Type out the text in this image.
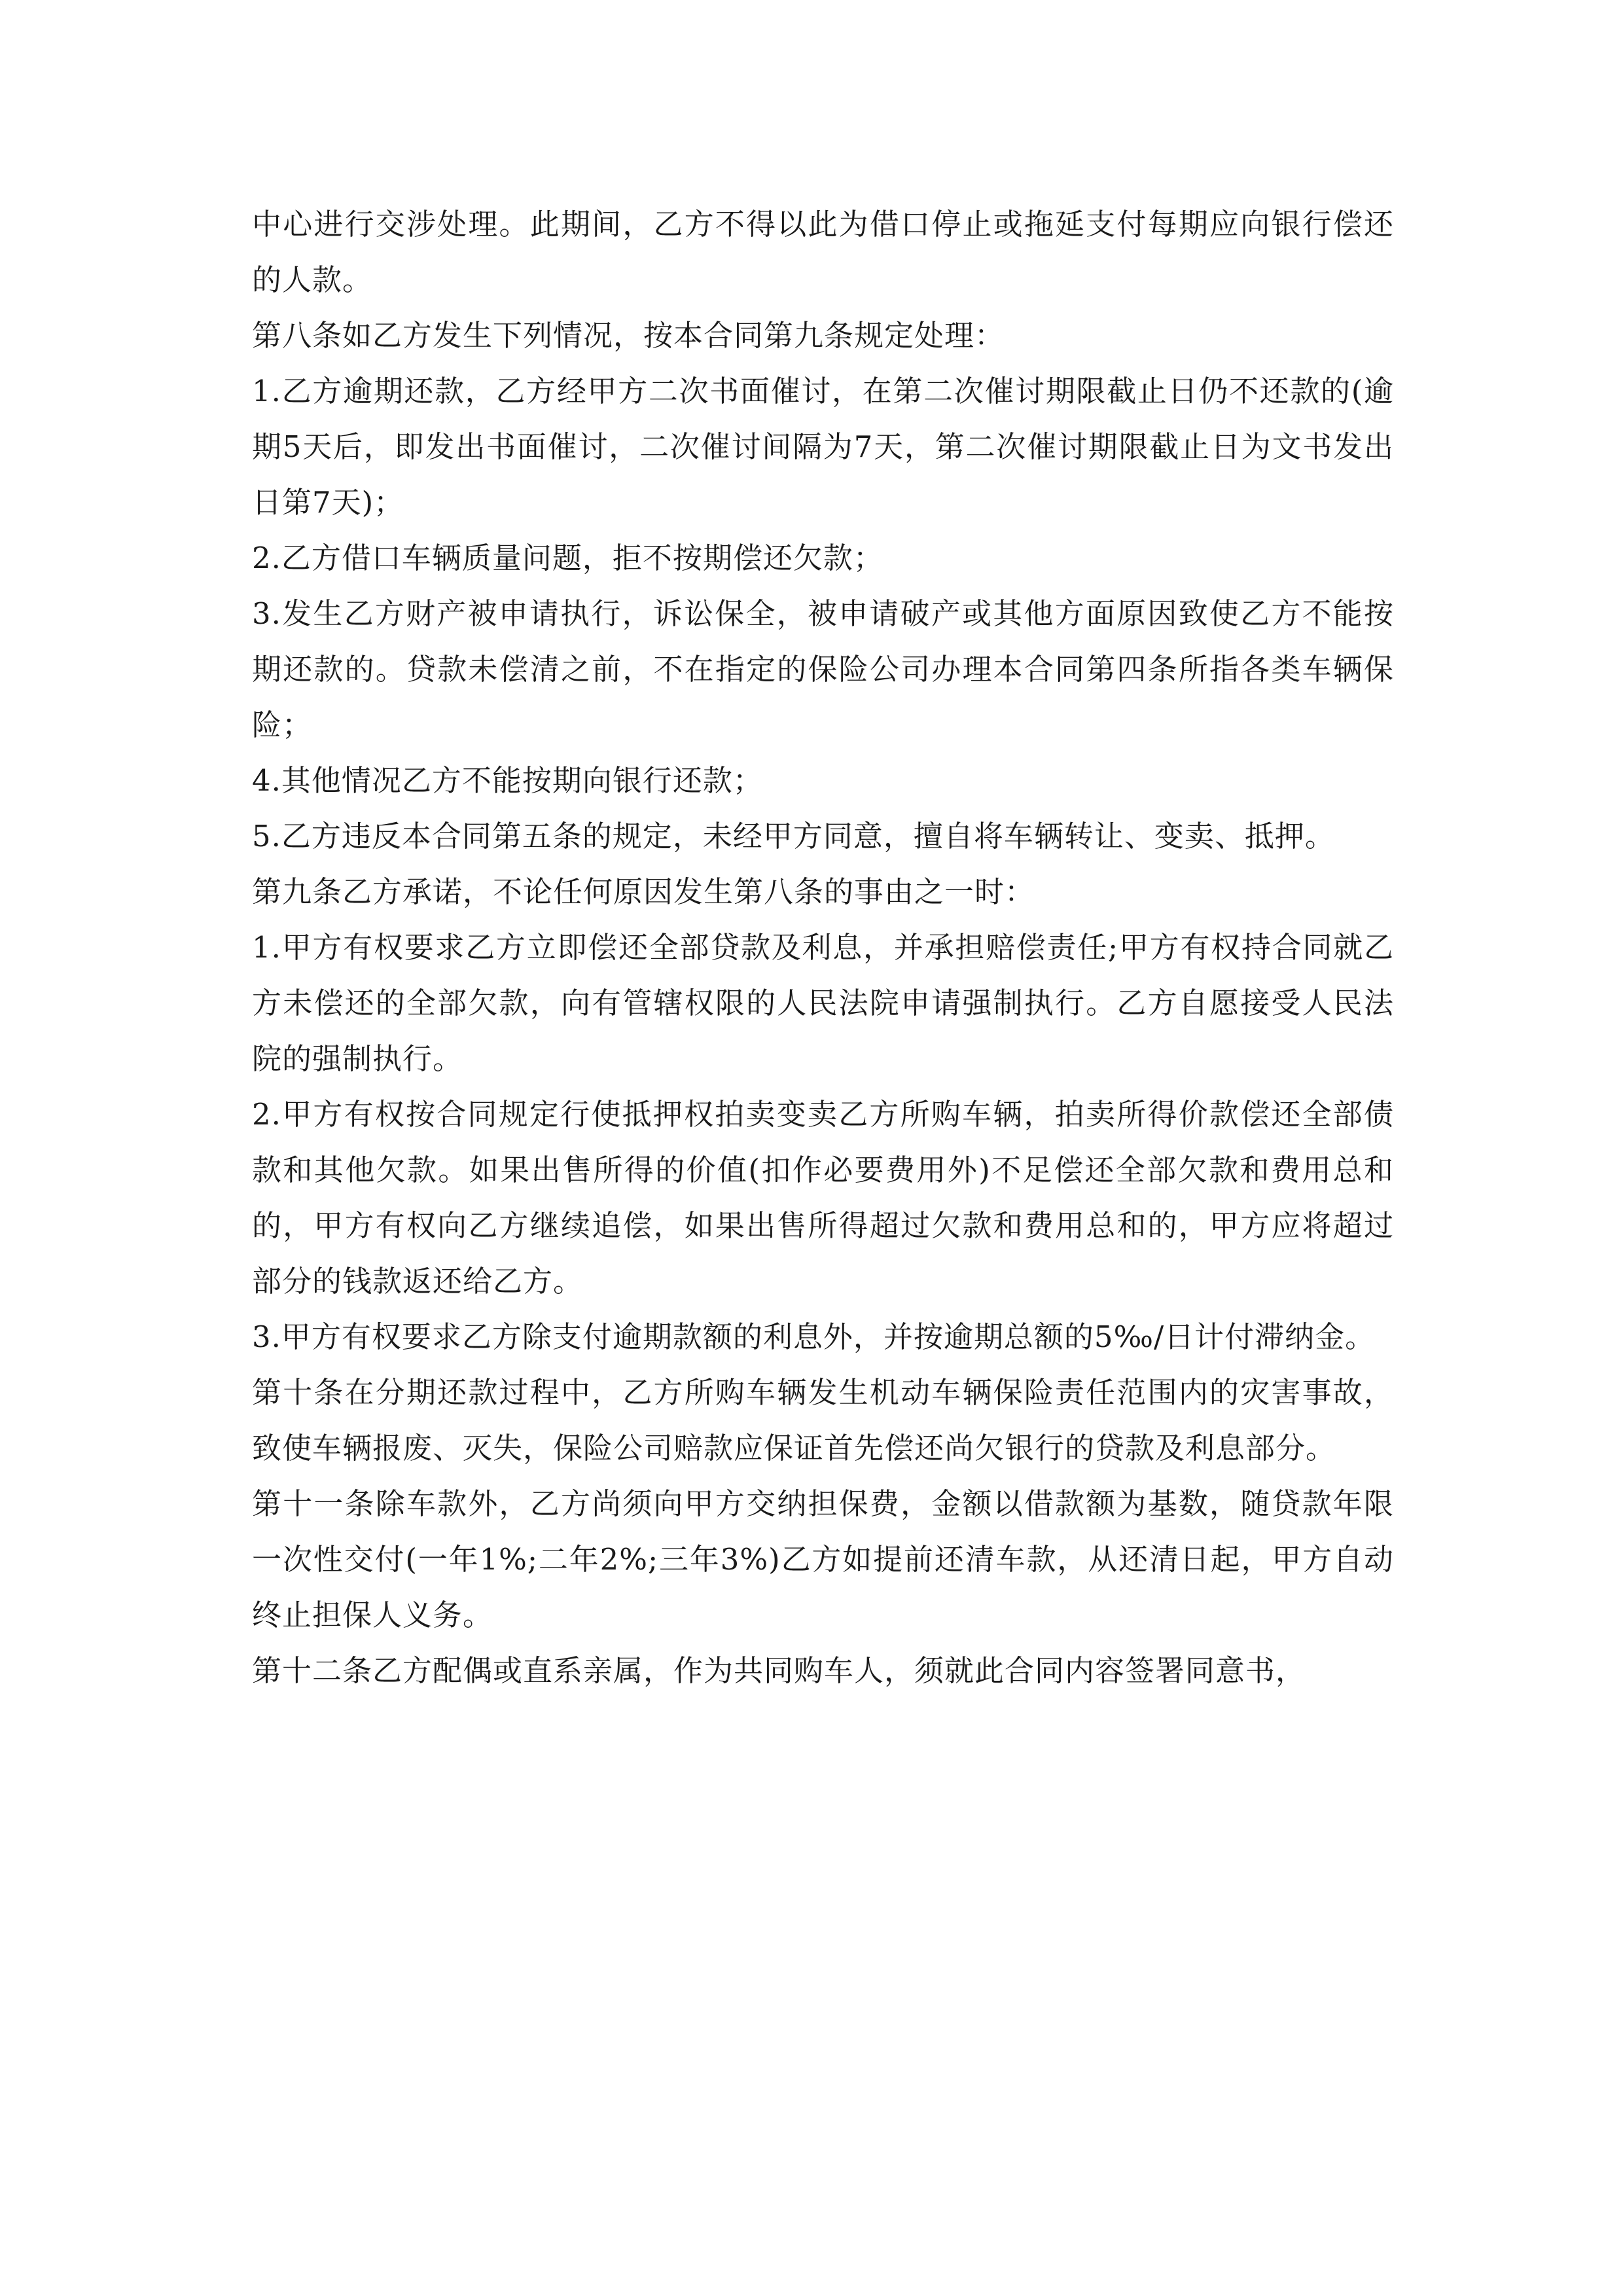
中心进行交涉处理。此期间，乙方不得以此为借口停止或拖延支付每期应向银行偿还的人款。

第八条如乙方发生下列情况，按本合同第九条规定处理：

1.乙方逾期还款，乙方经甲方二次书面催讨，在第二次催讨期限截止日仍不还款的(逾期5天后，即发出书面催讨，二次催讨间隔为7天，第二次催讨期限截止日为文书发出日第7天)；

2.乙方借口车辆质量问题，拒不按期偿还欠款；

3.发生乙方财产被申请执行，诉讼保全，被申请破产或其他方面原因致使乙方不能按期还款的。贷款未偿清之前，不在指定的保险公司办理本合同第四条所指各类车辆保险；

4.其他情况乙方不能按期向银行还款；

5.乙方违反本合同第五条的规定，未经甲方同意，擅自将车辆转让、变卖、抵押。

第九条乙方承诺，不论任何原因发生第八条的事由之一时：

1.甲方有权要求乙方立即偿还全部贷款及利息，并承担赔偿责任;甲方有权持合同就乙方未偿还的全部欠款，向有管辖权限的人民法院申请强制执行。乙方自愿接受人民法院的强制执行。

2.甲方有权按合同规定行使抵押权拍卖变卖乙方所购车辆，拍卖所得价款偿还全部债款和其他欠款。如果出售所得的价值(扣作必要费用外)不足偿还全部欠款和费用总和的，甲方有权向乙方继续追偿，如果出售所得超过欠款和费用总和的，甲方应将超过部分的钱款返还给乙方。

3.甲方有权要求乙方除支付逾期款额的利息外，并按逾期总额的5‰/日计付滞纳金。

第十条在分期还款过程中，乙方所购车辆发生机动车辆保险责任范围内的灾害事故，致使车辆报废、灭失，保险公司赔款应保证首先偿还尚欠银行的贷款及利息部分。

第十一条除车款外，乙方尚须向甲方交纳担保费，金额以借款额为基数，随贷款年限一次性交付(一年1%;二年2%;三年3%)乙方如提前还清车款，从还清日起，甲方自动终止担保人义务。

第十二条乙方配偶或直系亲属，作为共同购车人，须就此合同内容签署同意书，
